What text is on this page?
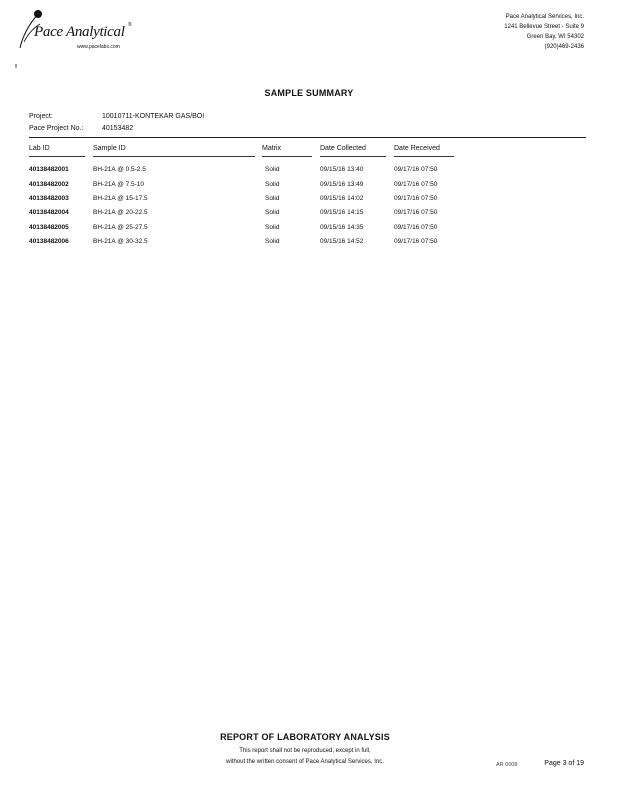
Pace Analytical ®
www.pacelabs.com
Pace Analytical Services, Inc.
1241 Bellevue Street - Suite 9
Green Bay, WI 54302
(920)469-2436
SAMPLE SUMMARY
Project:	10010711-KONTEKAR GAS/BOI
Pace Project No.:	40153482
Lab ID	Sample ID	Matrix	Date Collected	Date Received
40138482001	BH-21A @ 0.5-2.5	Solid	09/15/16 13:40	09/17/16 07:50
40138482002	BH-21A @ 7.5-10	Solid	09/15/16 13:49	09/17/16 07:50
40138482003	BH-21A @ 15-17.5	Solid	09/15/16 14:02	09/17/16 07:50
40138482004	BH-21A @ 20-22.5	Solid	09/15/16 14:15	09/17/16 07:50
40138482005	BH-21A @ 25-27.5	Solid	09/15/16 14:35	09/17/16 07:50
40138482006	BH-21A @ 30-32.5	Solid	09/15/16 14:52	09/17/16 07:50
REPORT OF LABORATORY ANALYSIS
This report shall not be reproduced, except in full,
without the written consent of Pace Analytical Services, Inc.	AR 0008	Page 3 of 19
